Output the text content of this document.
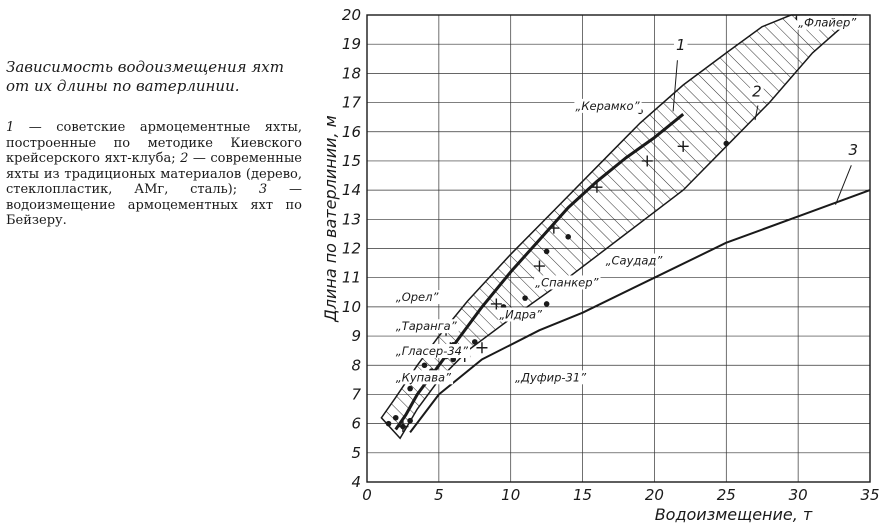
Зависимость водоизмещения яхт от их длины по ватерлинии.

1 — советские армоцементные яхты, построенные по методике Киевского крейсерского яхт-клуба; 2 — современные яхты из традиционых материалов (дерево, стеклопластик, АМг, сталь); 3 — водоизмещение армоцементных яхт по Бейзеру.

0	5	10	15	20	25	30	35
4
5
6
7
8
9
10
11
12
13
14
15
16
17
18
19
20	„Флайер”
„Керамко”
„Саудад”
„Спанкер”
„Идра”
„Орел”
„Таранга”
„Гласер-34”
„Купава”	„Дуфир-31”
1
2
3
Водоизмещение, т
Длина по ватерлинии, м
